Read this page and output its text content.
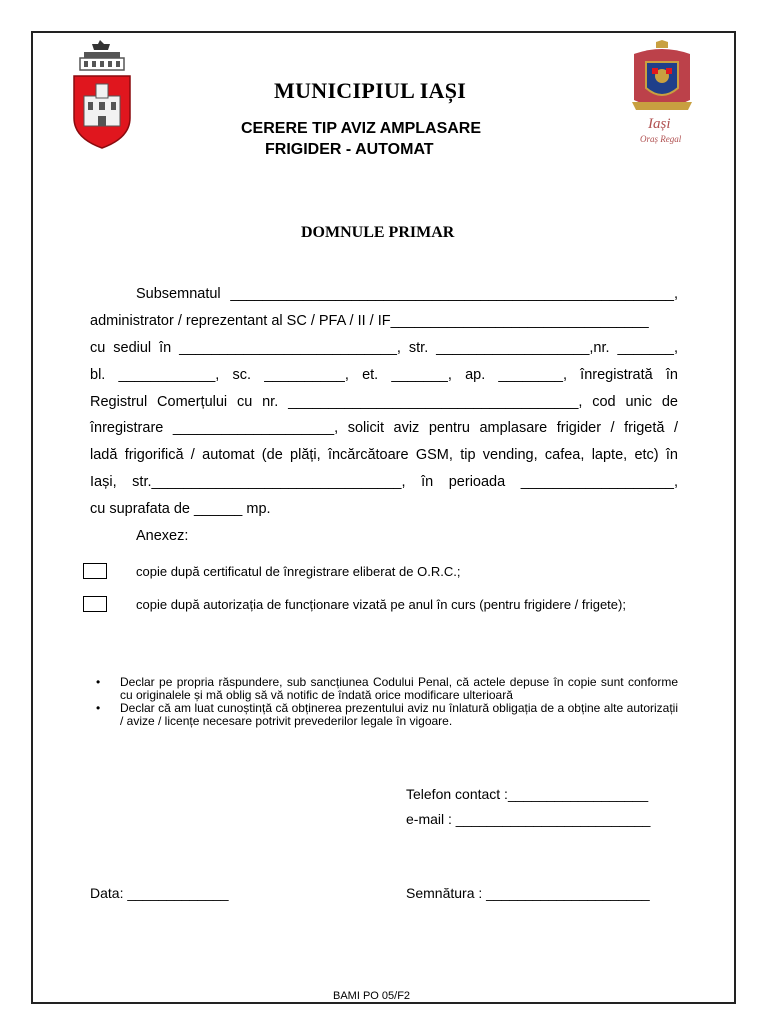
Iași
Oraș Regal
MUNICIPIUL IAȘI
CERERE TIP AVIZ AMPLASARE
FRIGIDER - AUTOMAT
DOMNULE PRIMAR
Subsemnatul _______________________________________________________,
administrator / reprezentant al SC / PFA / II / IF________________________________
cu sediul în ___________________________, str. ___________________,nr. _______,
bl. ____________, sc. __________, et. _______, ap. ________, înregistrată în
Registrul Comerțului cu nr. ____________________________________, cod unic de
înregistrare ____________________, solicit aviz pentru amplasare frigider / frigetă /
ladă frigorifică / automat (de plăți, încărcătoare GSM, tip vending, cafea, lapte, etc) în
Iași, str._______________________________, în perioada ___________________,
cu suprafata de ______ mp.
Anexez:
copie după certificatul de înregistrare eliberat de O.R.C.;
copie după autorizația de funcționare vizată pe anul în curs (pentru frigidere / frigete);
• Declar pe propria răspundere, sub sancțiunea Codului Penal, că actele depuse în copie sunt conforme cu originalele și mă oblig să vă notific de îndată orice modificare ulterioară
• Declar că am luat cunoștință că obținerea prezentului aviz nu înlatură obligația de a obține alte autorizații / avize / licențe necesare potrivit prevederilor legale în vigoare.
Telefon contact :__________________
e-mail : _________________________
Data: _____________	Semnătura : _____________________
BAMI PO 05/F2
